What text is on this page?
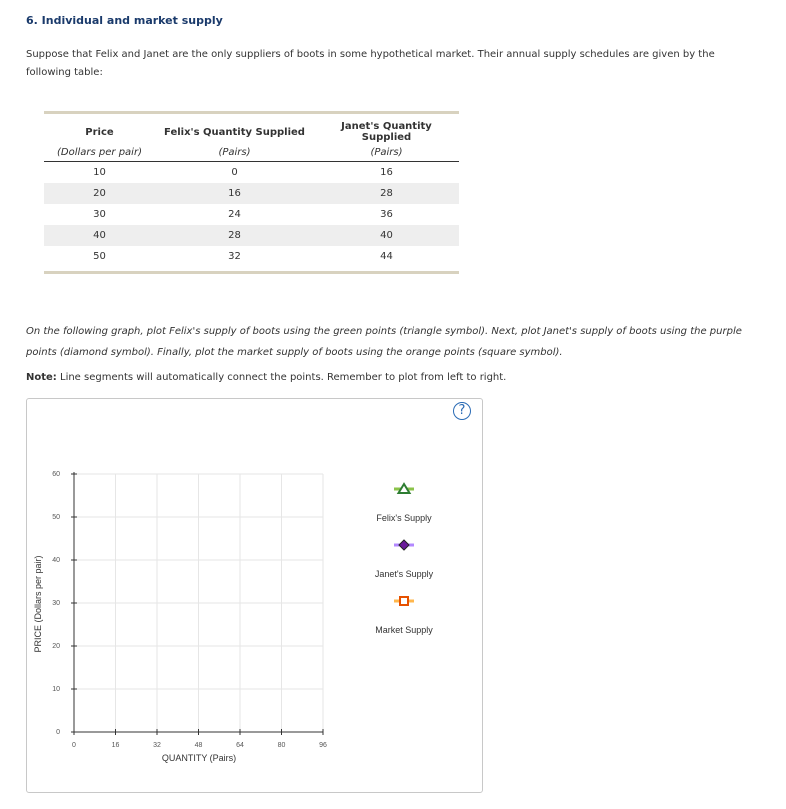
6. Individual and market supply
Suppose that Felix and Janet are the only suppliers of boots in some hypothetical market. Their annual supply schedules are given by the following table:
Price	Felix's Quantity Supplied	Janet's Quantity Supplied
(Dollars per pair)	(Pairs)	(Pairs)
10	0	16
20	16	28
30	24	36
40	28	40
50	32	44
On the following graph, plot Felix's supply of boots using the green points (triangle symbol). Next, plot Janet's supply of boots using the purple points (diamond symbol). Finally, plot the market supply of boots using the orange points (square symbol).
Note: Line segments will automatically connect the points. Remember to plot from left to right.
?
0	16	32	48	64	80	96
0
10
20
30
40
50
60
PRICE (Dollars per pair)
QUANTITY (Pairs)
Felix's Supply
Janet's Supply
Market Supply
